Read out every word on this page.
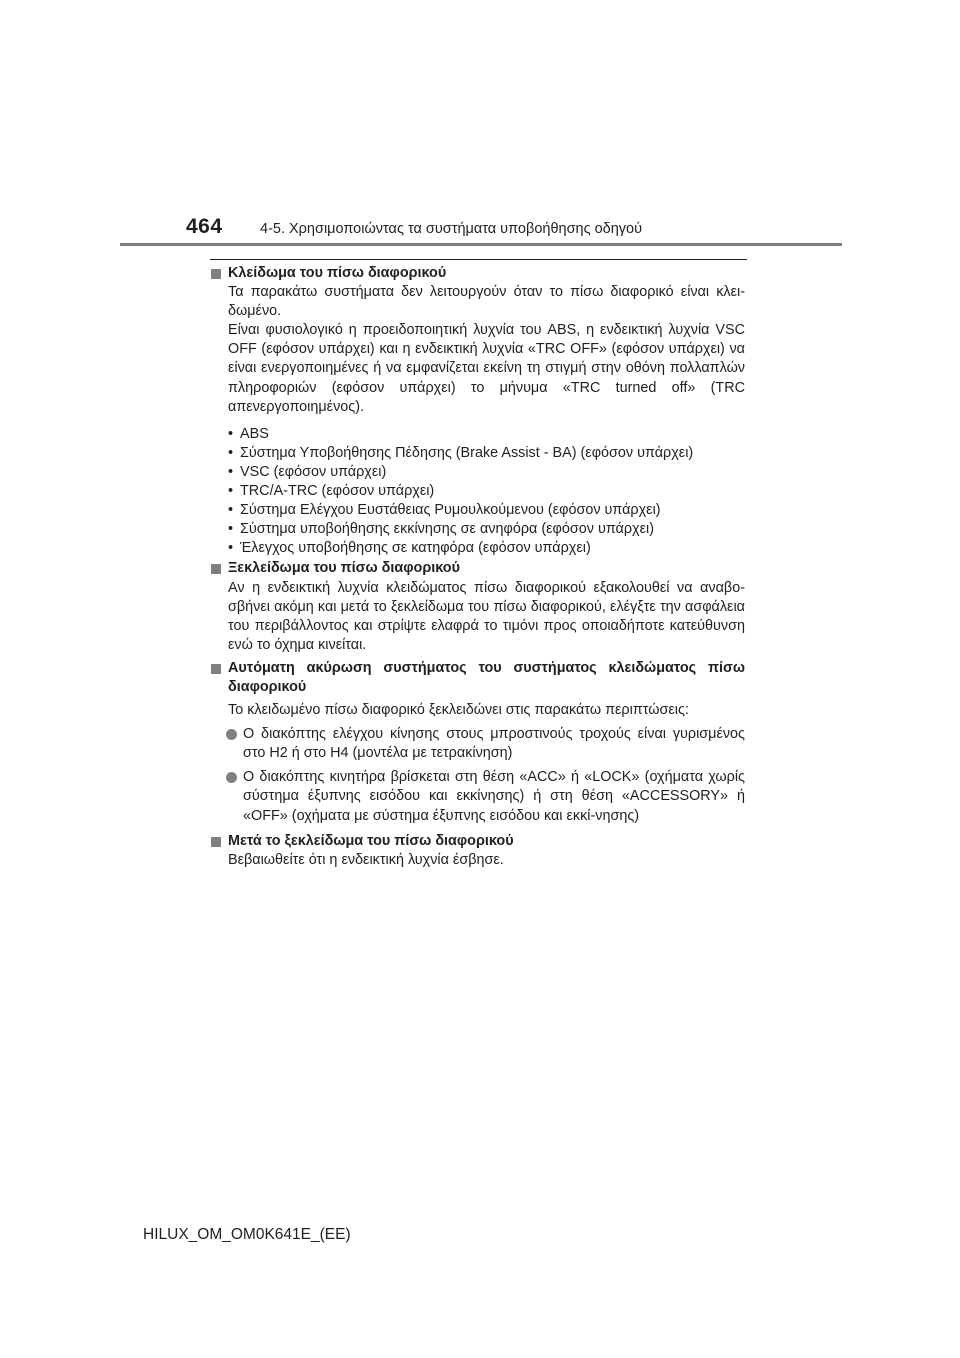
464	4-5. Χρησιμοποιώντας τα συστήματα υποβοήθησης οδηγού
Κλείδωμα του πίσω διαφορικού
Τα παρακάτω συστήματα δεν λειτουργούν όταν το πίσω διαφορικό είναι κλει-δωμένο.
Είναι φυσιολογικό η προειδοποιητική λυχνία του ABS, η ενδεικτική λυχνία VSC OFF (εφόσον υπάρχει) και η ενδεικτική λυχνία «TRC OFF» (εφόσον υπάρχει) να είναι ενεργοποιημένες ή να εμφανίζεται εκείνη τη στιγμή στην οθόνη πολλαπλών πληροφοριών (εφόσον υπάρχει) το μήνυμα «TRC turned off» (TRC απενεργοποιημένος).
• ABS
• Σύστημα Υποβοήθησης Πέδησης (Brake Assist - BA) (εφόσον υπάρχει)
• VSC (εφόσον υπάρχει)
• TRC/A-TRC (εφόσον υπάρχει)
• Σύστημα Ελέγχου Ευστάθειας Ρυμουλκούμενου (εφόσον υπάρχει)
• Σύστημα υποβοήθησης εκκίνησης σε ανηφόρα (εφόσον υπάρχει)
• Έλεγχος υποβοήθησης σε κατηφόρα (εφόσον υπάρχει)
Ξεκλείδωμα του πίσω διαφορικού
Αν η ενδεικτική λυχνία κλειδώματος πίσω διαφορικού εξακολουθεί να αναβο-σβήνει ακόμη και μετά το ξεκλείδωμα του πίσω διαφορικού, ελέγξτε την ασφάλεια του περιβάλλοντος και στρίψτε ελαφρά το τιμόνι προς οποιαδήποτε κατεύθυνση ενώ το όχημα κινείται.
Αυτόματη ακύρωση συστήματος του συστήματος κλειδώματος πίσω διαφορικού
Το κλειδωμένο πίσω διαφορικό ξεκλειδώνει στις παρακάτω περιπτώσεις:
Ο διακόπτης ελέγχου κίνησης στους μπροστινούς τροχούς είναι γυρισμένος στο H2 ή στο H4 (μοντέλα με τετρακίνηση)
Ο διακόπτης κινητήρα βρίσκεται στη θέση «ACC» ή «LOCK» (οχήματα χωρίς σύστημα έξυπνης εισόδου και εκκίνησης) ή στη θέση «ACCESSORY» ή «OFF» (οχήματα με σύστημα έξυπνης εισόδου και εκκί-νησης)
Μετά το ξεκλείδωμα του πίσω διαφορικού
Βεβαιωθείτε ότι η ενδεικτική λυχνία έσβησε.
HILUX_OM_OM0K641E_(EE)
